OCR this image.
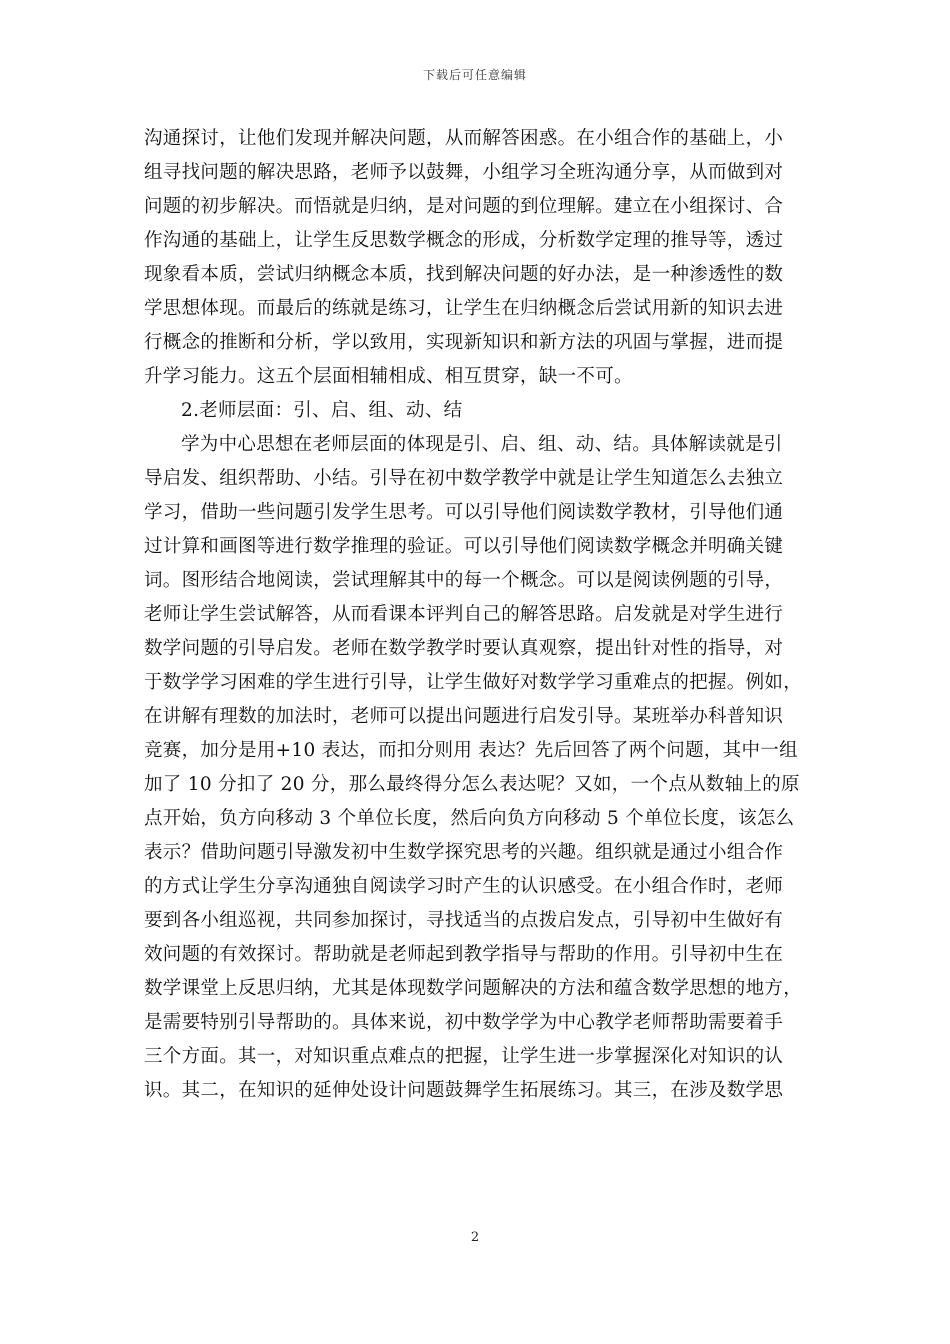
下载后可任意编辑
沟通探讨，让他们发现并解决问题，从而解答困惑。在小组合作的基础上，小
组寻找问题的解决思路，老师予以鼓舞，小组学习全班沟通分享，从而做到对
问题的初步解决。而悟就是归纳，是对问题的到位理解。建立在小组探讨、合
作沟通的基础上，让学生反思数学概念的形成，分析数学定理的推导等，透过
现象看本质，尝试归纳概念本质，找到解决问题的好办法，是一种渗透性的数
学思想体现。而最后的练就是练习，让学生在归纳概念后尝试用新的知识去进
行概念的推断和分析，学以致用，实现新知识和新方法的巩固与掌握，进而提
升学习能力。这五个层面相辅相成、相互贯穿，缺一不可。
2.老师层面：引、启、组、动、结
学为中心思想在老师层面的体现是引、启、组、动、结。具体解读就是引
导启发、组织帮助、小结。引导在初中数学教学中就是让学生知道怎么去独立
学习，借助一些问题引发学生思考。可以引导他们阅读数学教材，引导他们通
过计算和画图等进行数学推理的验证。可以引导他们阅读数学概念并明确关键
词。图形结合地阅读，尝试理解其中的每一个概念。可以是阅读例题的引导，
老师让学生尝试解答，从而看课本评判自己的解答思路。启发就是对学生进行
数学问题的引导启发。老师在数学教学时要认真观察，提出针对性的指导，对
于数学学习困难的学生进行引导，让学生做好对数学学习重难点的把握。例如，
在讲解有理数的加法时，老师可以提出问题进行启发引导。某班举办科普知识
竞赛，加分是用+10 表达，而扣分则用 表达？先后回答了两个问题，其中一组
加了 10 分扣了 20 分，那么最终得分怎么表达呢？又如，一个点从数轴上的原
点开始，负方向移动 3 个单位长度，然后向负方向移动 5 个单位长度，该怎么
表示？借助问题引导激发初中生数学探究思考的兴趣。组织就是通过小组合作
的方式让学生分享沟通独自阅读学习时产生的认识感受。在小组合作时，老师
要到各小组巡视，共同参加探讨，寻找适当的点拨启发点，引导初中生做好有
效问题的有效探讨。帮助就是老师起到教学指导与帮助的作用。引导初中生在
数学课堂上反思归纳，尤其是体现数学问题解决的方法和蕴含数学思想的地方，
是需要特别引导帮助的。具体来说，初中数学学为中心教学老师帮助需要着手
三个方面。其一，对知识重点难点的把握，让学生进一步掌握深化对知识的认
识。其二，在知识的延伸处设计问题鼓舞学生拓展练习。其三，在涉及数学思
2
